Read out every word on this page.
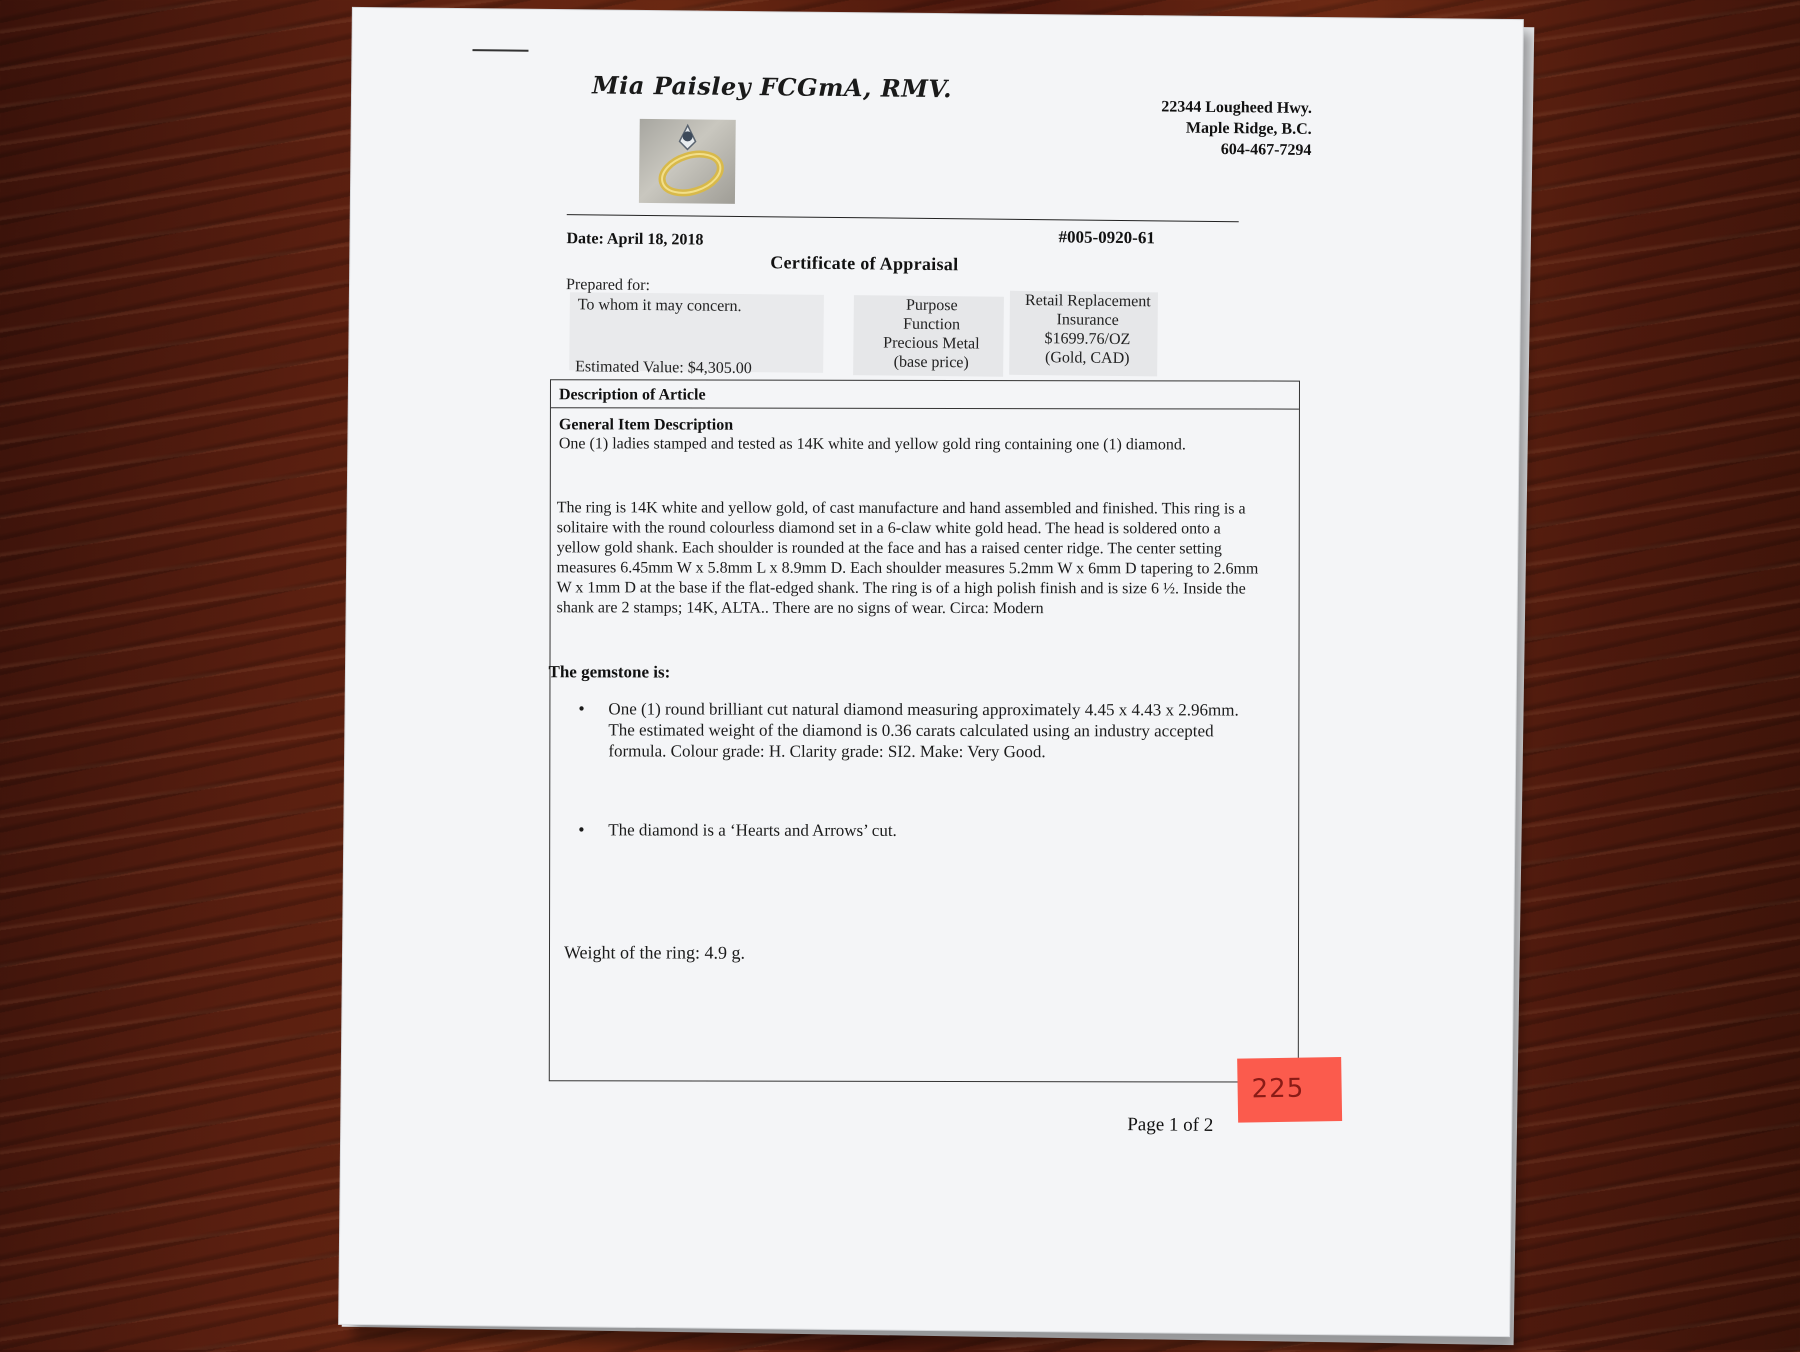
Mia Paisley FCGmA, RMV.
22344 Lougheed Hwy.
Maple Ridge, B.C.
604-467-7294
Date: April 18, 2018	#005-0920-61
Certificate of Appraisal
Prepared for:
To whom it may concern.
Estimated Value: $4,305.00
Purpose
Function
Precious Metal
(base price)
Retail Replacement
Insurance
$1699.76/OZ
(Gold, CAD)
Description of Article
General Item Description
One (1) ladies stamped and tested as 14K white and yellow gold ring containing one (1) diamond.
The ring is 14K white and yellow gold, of cast manufacture and hand assembled and finished. This ring is a solitaire with the round colourless diamond set in a 6-claw white gold head. The head is soldered onto a yellow gold shank. Each shoulder is rounded at the face and has a raised center ridge. The center setting measures 6.45mm W x 5.8mm L x 8.9mm D. Each shoulder measures 5.2mm W x 6mm D tapering to 2.6mm W x 1mm D at the base if the flat-edged shank. The ring is of a high polish finish and is size 6 ½. Inside the shank are 2 stamps; 14K, ALTA.. There are no signs of wear. Circa: Modern
The gemstone is:
• One (1) round brilliant cut natural diamond measuring approximately 4.45 x 4.43 x 2.96mm. The estimated weight of the diamond is 0.36 carats calculated using an industry accepted formula. Colour grade: H. Clarity grade: SI2. Make: Very Good.
• The diamond is a ‘Hearts and Arrows’ cut.
Weight of the ring: 4.9 g.
225
Page 1 of 2
